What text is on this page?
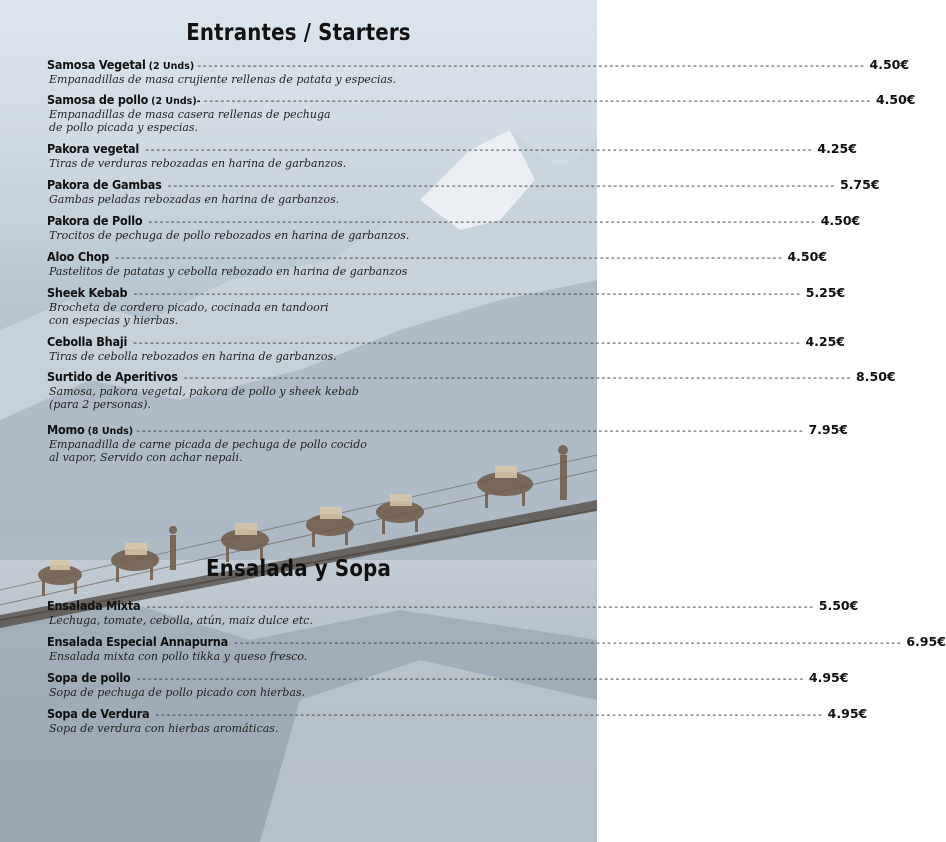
Entrantes / Starters
Samosa Vegetal (2 Unds) ------------------------------------------------------------------------------------------------------------------------ 4.50€
Empanadillas de masa crujiente rellenas de patata y especias.
Samosa de pollo (2 Unds)- ------------------------------------------------------------------------------------------------------------------------ 4.50€
Empanadillas de masa casera rellenas de pechuga
de pollo picada y especias.
Pakora vegetal ------------------------------------------------------------------------------------------------------------------------ 4.25€
Tiras de verduras rebozadas en harina de garbanzos.
Pakora de Gambas ------------------------------------------------------------------------------------------------------------------------ 5.75€
Gambas peladas rebozadas en harina de garbanzos.
Pakora de Pollo ------------------------------------------------------------------------------------------------------------------------ 4.50€
Trocitos de pechuga de pollo rebozados en harina de garbanzos.
Aloo Chop ------------------------------------------------------------------------------------------------------------------------ 4.50€
Pastelitos de patatas y cebolla rebozado en harina de garbanzos
Sheek Kebab ------------------------------------------------------------------------------------------------------------------------ 5.25€
Brocheta de cordero picado, cocinada en tandoori
con especias y hierbas.
Cebolla Bhaji ------------------------------------------------------------------------------------------------------------------------ 4.25€
Tiras de cebolla rebozados en harina de garbanzos.
Surtido de Aperitivos ------------------------------------------------------------------------------------------------------------------------ 8.50€
Samosa, pakora vegetal, pakora de pollo y sheek kebab
(para 2 personas).
Momo (8 Unds) ------------------------------------------------------------------------------------------------------------------------ 7.95€
Empanadilla de carne picada de pechuga de pollo cocido
al vapor, Servido con achar nepali.
Ensalada y Sopa
Ensalada Mixta ------------------------------------------------------------------------------------------------------------------------ 5.50€
Lechuga, tomate, cebolla, atún, maiz dulce etc.
Ensalada Especial Annapurna ------------------------------------------------------------------------------------------------------------------------ 6.95€
Ensalada mixta con pollo tikka y queso fresco.
Sopa de pollo ------------------------------------------------------------------------------------------------------------------------ 4.95€
Sopa de pechuga de pollo picado con hierbas.
Sopa de Verdura ------------------------------------------------------------------------------------------------------------------------ 4.95€
Sopa de verdura con hierbas aromáticas.
